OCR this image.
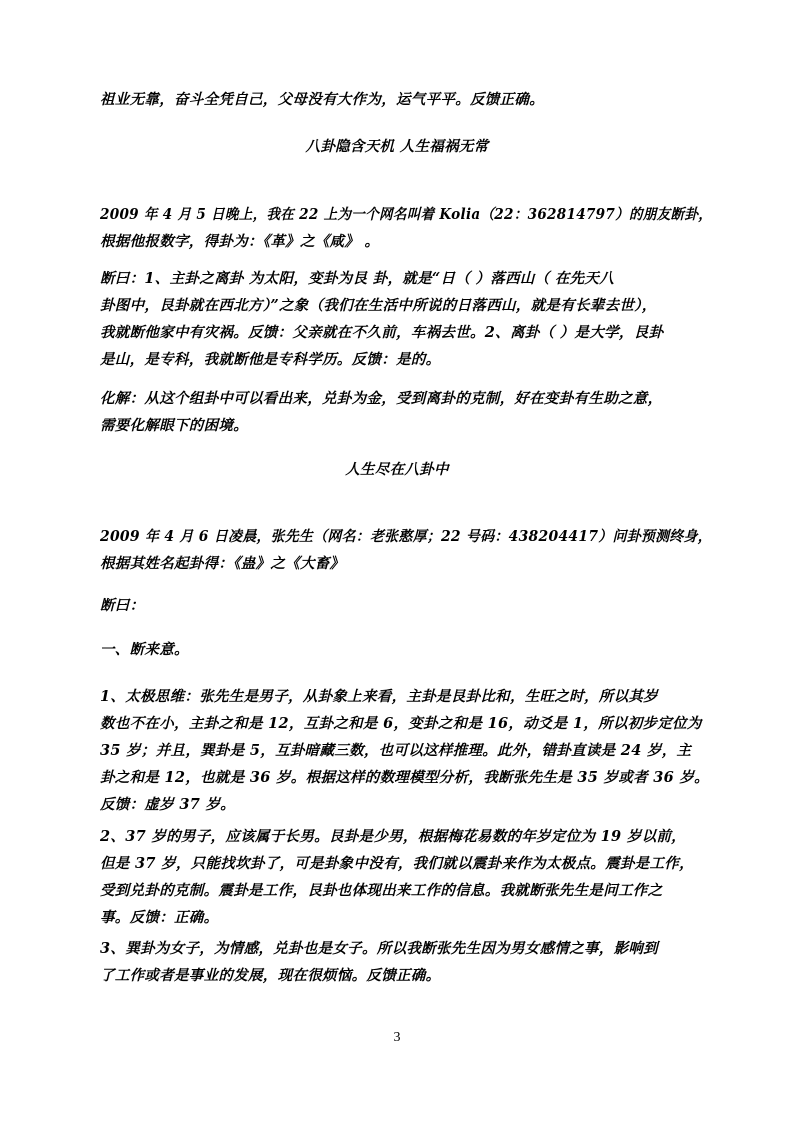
祖业无靠，奋斗全凭自己，父母没有大作为，运气平平。反馈正确。
八卦隐含天机 人生福祸无常
2009 年 4 月 5 日晚上，我在 22 上为一个网名叫着 Kolia（22：362814797）的朋友断卦，
根据他报数字，得卦为：《革》之《咸》 。
断曰：1、主卦之离卦 为太阳，变卦为艮 卦，就是“日（ ）落西山（ 在先天八
卦图中，艮卦就在西北方）”之象（我们在生活中所说的日落西山，就是有长辈去世），
我就断他家中有灾祸。反馈：父亲就在不久前，车祸去世。2、离卦（ ）是大学，艮卦
是山，是专科，我就断他是专科学历。反馈：是的。
化解：从这个组卦中可以看出来，兑卦为金，受到离卦的克制，好在变卦有生助之意，
需要化解眼下的困境。
人生尽在八卦中
2009 年 4 月 6 日凌晨，张先生（网名：老张憨厚；22 号码：438204417）问卦预测终身，
根据其姓名起卦得：《蛊》之《大畜》
断曰：
一、断来意。
1、太极思维：张先生是男子，从卦象上来看，主卦是艮卦比和，生旺之时，所以其岁
数也不在小，主卦之和是 12，互卦之和是 6，变卦之和是 16，动爻是 1，所以初步定位为
35 岁；并且，巽卦是 5，互卦暗藏三数，也可以这样推理。此外，错卦直读是 24 岁，主
卦之和是 12，也就是 36 岁。根据这样的数理模型分析，我断张先生是 35 岁或者 36 岁。
反馈：虚岁 37 岁。
2、37 岁的男子，应该属于长男。艮卦是少男，根据梅花易数的年岁定位为 19 岁以前，
但是 37 岁，只能找坎卦了，可是卦象中没有，我们就以震卦来作为太极点。震卦是工作，
受到兑卦的克制。震卦是工作，艮卦也体现出来工作的信息。我就断张先生是问工作之
事。反馈：正确。
3、巽卦为女子，为情感，兑卦也是女子。所以我断张先生因为男女感情之事，影响到
了工作或者是事业的发展，现在很烦恼。反馈正确。
3
